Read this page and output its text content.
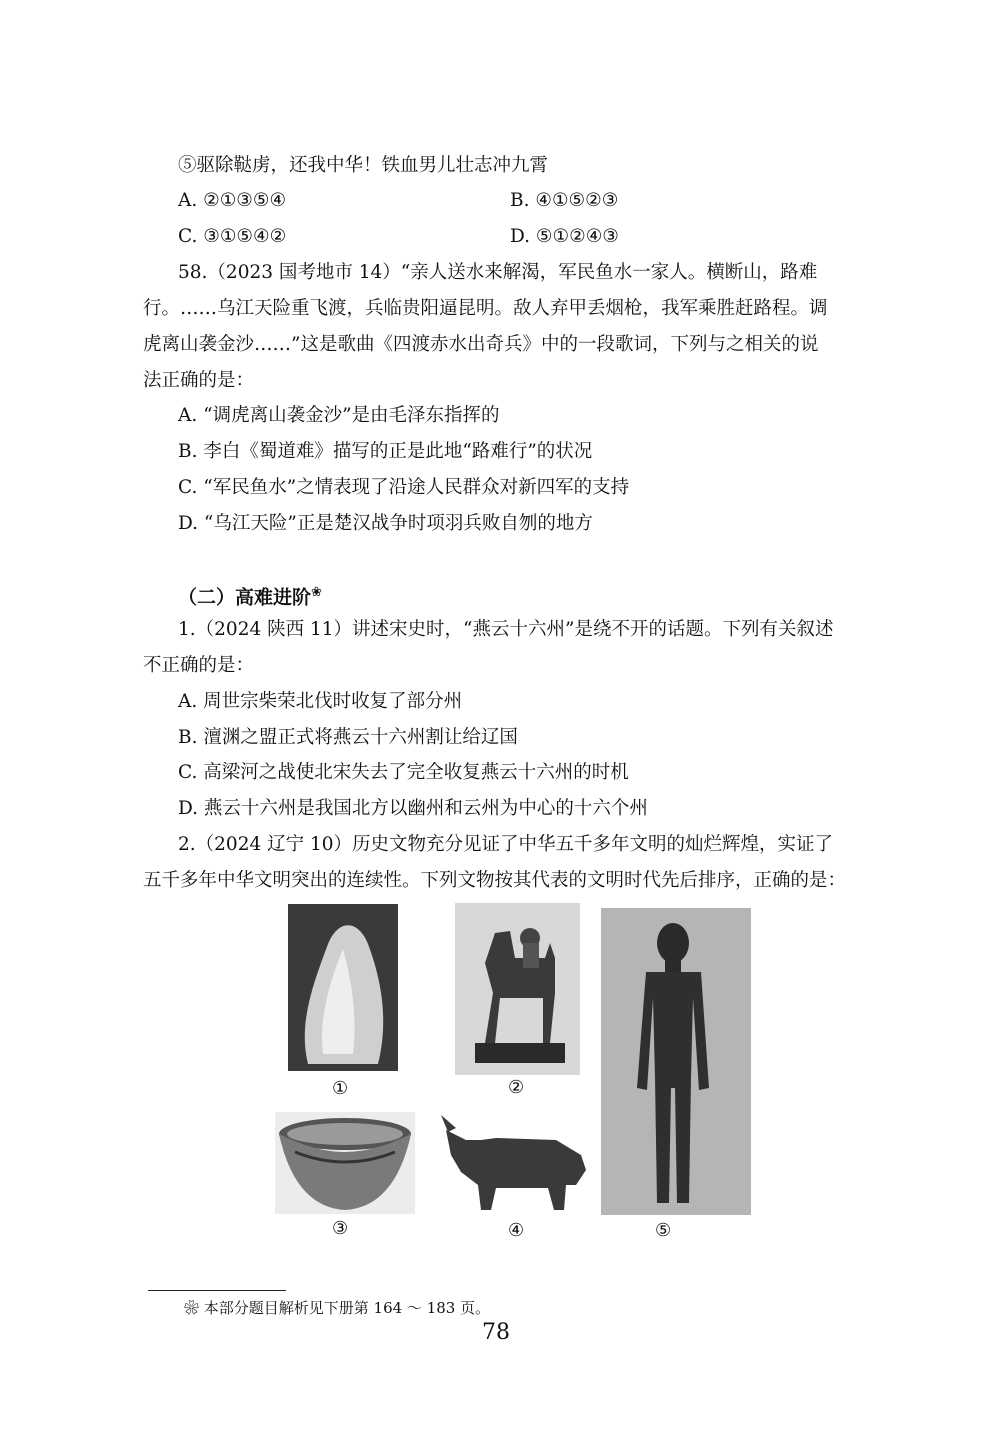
⑤驱除鞑虏，还我中华！铁血男儿壮志冲九霄
A. ②①③⑤④	B. ④①⑤②③
C. ③①⑤④②	D. ⑤①②④③
58.（2023 国考地市 14）“亲人送水来解渴，军民鱼水一家人。横断山，路难
行。……乌江天险重飞渡，兵临贵阳逼昆明。敌人弃甲丢烟枪，我军乘胜赶路程。调
虎离山袭金沙……”这是歌曲《四渡赤水出奇兵》中的一段歌词，下列与之相关的说
法正确的是：
A. “调虎离山袭金沙”是由毛泽东指挥的
B. 李白《蜀道难》描写的正是此地“路难行”的状况
C. “军民鱼水”之情表现了沿途人民群众对新四军的支持
D. “乌江天险”正是楚汉战争时项羽兵败自刎的地方
（二）高难进阶❀
1.（2024 陕西 11）讲述宋史时，“燕云十六州”是绕不开的话题。下列有关叙述
不正确的是：
A. 周世宗柴荣北伐时收复了部分州
B. 澶渊之盟正式将燕云十六州割让给辽国
C. 高梁河之战使北宋失去了完全收复燕云十六州的时机
D. 燕云十六州是我国北方以幽州和云州为中心的十六个州
2.（2024 辽宁 10）历史文物充分见证了中华五千多年文明的灿烂辉煌，实证了
五千多年中华文明突出的连续性。下列文物按其代表的文明时代先后排序，正确的是：
①	②
③	④	⑤
❀ 本部分题目解析见下册第 164 ～ 183 页。
78
